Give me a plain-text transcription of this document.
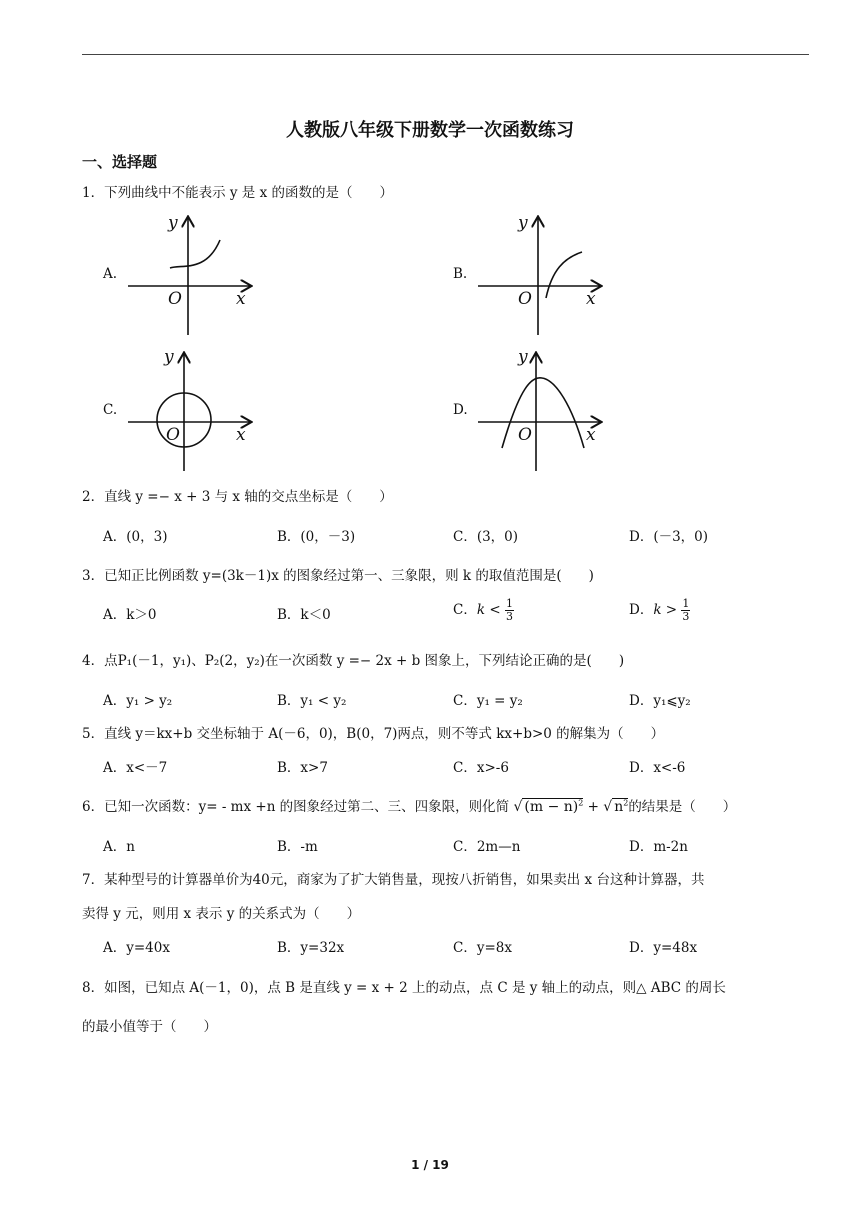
人教版八年级下册数学一次函数练习
一、选择题
1．下列曲线中不能表示 y 是 x 的函数的是（　　）
A.
y
x
O
B.
y
x
O
C.
y
x
O
D.
y
x
O
2．直线 y =− x + 3 与 x 轴的交点坐标是（　　）
A．(0，3)	B．(0，－3)	C．(3，0)	D．(－3，0)
3．已知正比例函数 y=(3k－1)x 的图象经过第一、三象限，则 k 的取值范围是(　　)
A．k＞0	B．k＜0	C．$k < \frac{1}{3}$	D．$k > \frac{1}{3}$
4．点P₁(－1，y₁)、P₂(2，y₂)在一次函数 y =− 2x + b 图象上，下列结论正确的是(　　)
A．y₁ > y₂	B．y₁ < y₂	C．y₁ = y₂	D．y₁⩽y₂
5．直线 y＝kx+b 交坐标轴于 A(－6，0)，B(0，7)两点，则不等式 kx+b>0 的解集为（　　）
A．x<－7	B．x>7	C．x>-6	D．x<-6
6．已知一次函数：y= - mx +n 的图象经过第二、三、四象限，则化简 √ $(m - n)^2$ + √ $n^2$的结果是（　　）
A．n	B．-m	C．2m—n	D．m-2n
7．某种型号的计算器单价为40元，商家为了扩大销售量，现按八折销售，如果卖出 x 台这种计算器，共
卖得 y 元，则用 x 表示 y 的关系式为（　　）
A．y=40x	B．y=32x	C．y=8x	D．y=48x
8．如图，已知点 A(－1，0)，点 B 是直线 y = x + 2 上的动点，点 C 是 y 轴上的动点，则△ ABC 的周长
的最小值等于（　　）
1 / 19
